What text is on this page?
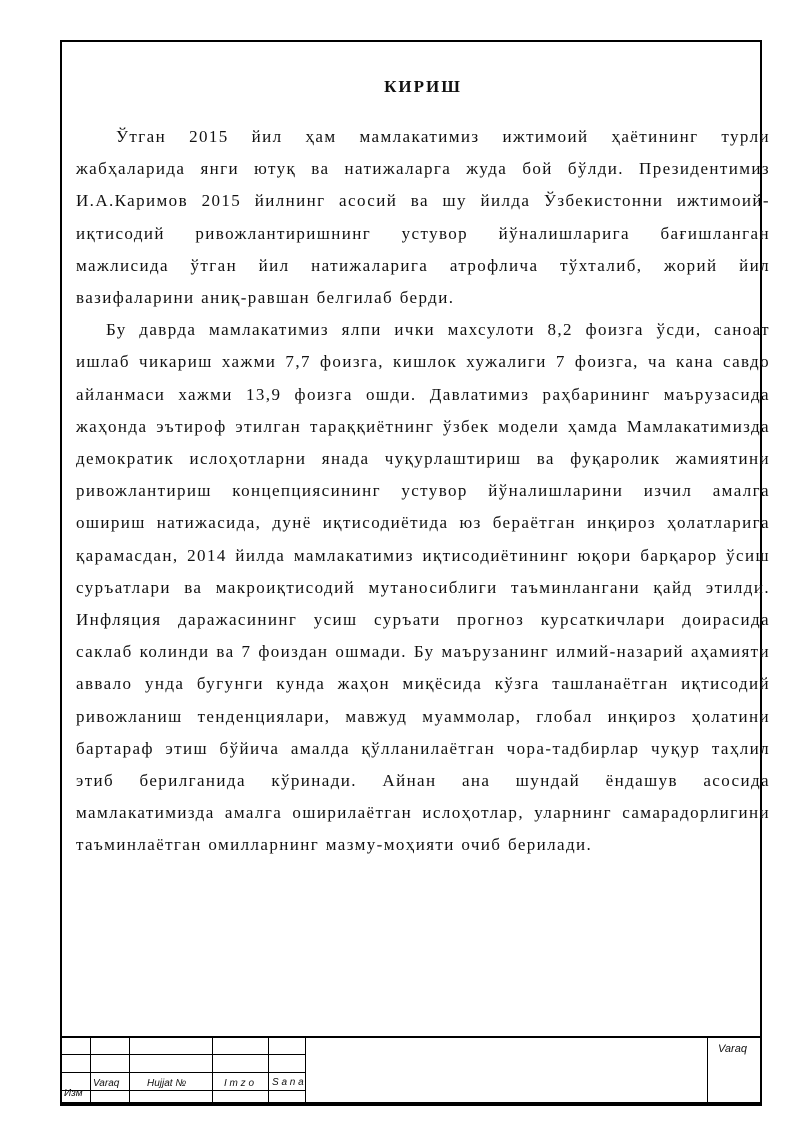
КИРИШ

Ўтган 2015 йил ҳам мамлакатимиз ижтимоий ҳаётининг турли жабҳаларида янги ютуқ ва натижаларга жуда бой бўлди. Президентимиз И.А.Каримов 2015 йилнинг асосий ва шу йилда Ўзбекистонни ижтимоий-иқтисодий ривожлантиришнинг устувор йўналишларига бағишланган мажлисида ўтган йил натижаларига атрофлича тўхталиб, жорий йил вазифаларини аниқ-равшан белгилаб берди.

Бу даврда мамлакатимиз ялпи ички махсулоти 8,2 фоизга ўсди, саноат ишлаб чикариш хажми 7,7 фоизга, кишлок хужалиги 7 фоизга, ча кана савдо айланмаси хажми 13,9 фоизга ошди. Давлатимиз раҳбарининг маърузасида жаҳонда эътироф этилган тараққиётнинг ўзбек модели ҳамда Мамлакатимизда демократик ислоҳотларни янада чуқурлаштириш ва фуқаролик жамиятини ривожлантириш концепциясининг устувор йўналишларини изчил амалга ошириш натижасида, дунё иқтисодиётида юз бераётган инқироз ҳолатларига қарамасдан, 2014 йилда мамлакатимиз иқтисодиётининг юқори барқарор ўсиш суръатлари ва макроиқтисодий мутаносиблиги таъминлангани қайд этилди. Инфляция даражасининг усиш суръати прогноз курсаткичлари доирасида саклаб колинди ва 7 фоиздан ошмади. Бу маърузанинг илмий-назарий аҳамияти аввало унда бугунги кунда жаҳон миқёсида кўзга ташланаётган иқтисодий ривожланиш тенденциялари, мавжуд муаммолар, глобал инқироз ҳолатини бартараф этиш бўйича амалда қўлланилаётган чора-тадбирлар чуқур таҳлил этиб берилганида кўринади. Айнан ана шундай ёндашув асосида мамлакатимизда амалга оширилаётган ислоҳотлар, уларнинг самарадорлигини таъминлаётган омилларнинг мазму-моҳияти очиб берилади.

Изм
Varaq	Hujjat №	I m z o S a n a
Varaq
